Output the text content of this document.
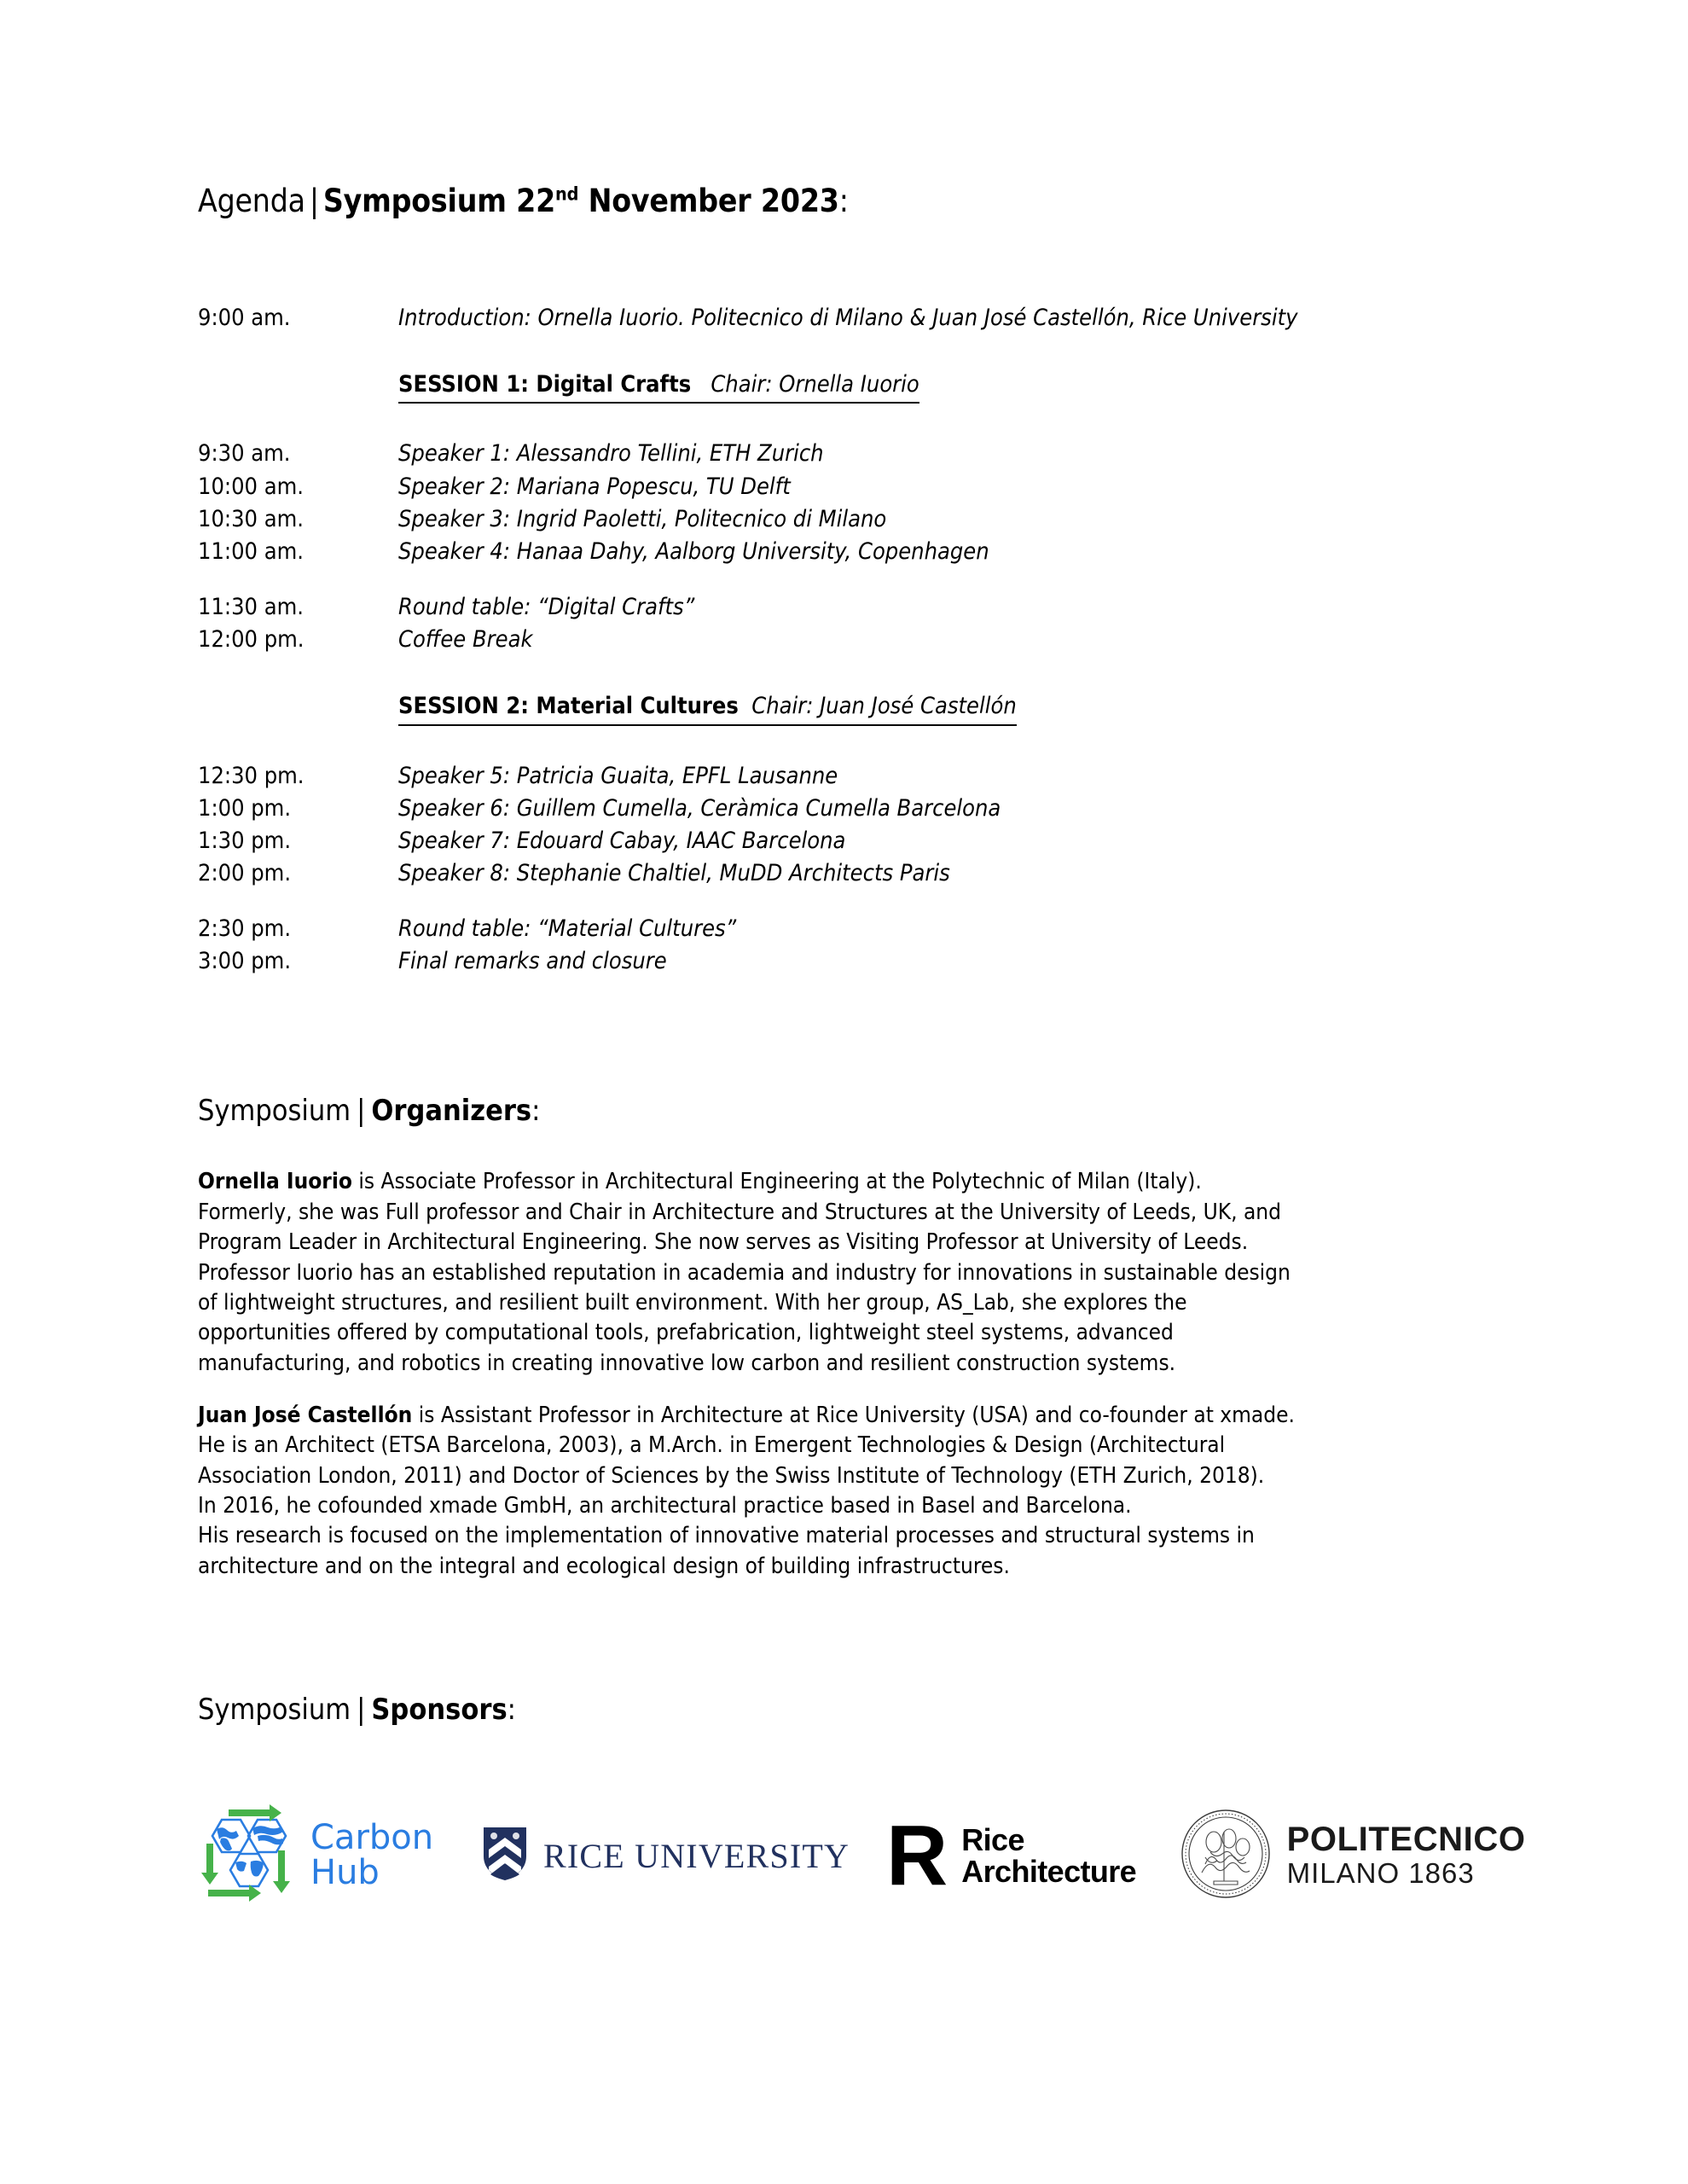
Agenda | Symposium 22nd November 2023:
9:00 am.	Introduction: Ornella Iuorio. Politecnico di Milano & Juan José Castellón, Rice University
SESSION 1: Digital Crafts Chair: Ornella Iuorio
9:30 am.	Speaker 1: Alessandro Tellini, ETH Zurich
10:00 am.	Speaker 2: Mariana Popescu, TU Delft
10:30 am.	Speaker 3: Ingrid Paoletti, Politecnico di Milano
11:00 am.	Speaker 4: Hanaa Dahy, Aalborg University, Copenhagen
11:30 am.	Round table: “Digital Crafts”
12:00 pm.	Coffee Break
SESSION 2: Material Cultures Chair: Juan José Castellón
12:30 pm.	Speaker 5: Patricia Guaita, EPFL Lausanne
1:00 pm.	Speaker 6: Guillem Cumella, Ceràmica Cumella Barcelona
1:30 pm.	Speaker 7: Edouard Cabay, IAAC Barcelona
2:00 pm.	Speaker 8: Stephanie Chaltiel, MuDD Architects Paris
2:30 pm.	Round table: “Material Cultures”
3:00 pm.	Final remarks and closure
Symposium | Organizers:

Ornella Iuorio is Associate Professor in Architectural Engineering at the Polytechnic of Milan (Italy).
Formerly, she was Full professor and Chair in Architecture and Structures at the University of Leeds, UK, and
Program Leader in Architectural Engineering. She now serves as Visiting Professor at University of Leeds.
Professor Iuorio has an established reputation in academia and industry for innovations in sustainable design
of lightweight structures, and resilient built environment. With her group, AS_Lab, she explores the
opportunities offered by computational tools, prefabrication, lightweight steel systems, advanced
manufacturing, and robotics in creating innovative low carbon and resilient construction systems.

Juan José Castellón is Assistant Professor in Architecture at Rice University (USA) and co-founder at xmade.
He is an Architect (ETSA Barcelona, 2003), a M.Arch. in Emergent Technologies & Design (Architectural
Association London, 2011) and Doctor of Sciences by the Swiss Institute of Technology (ETH Zurich, 2018).
In 2016, he cofounded xmade GmbH, an architectural practice based in Basel and Barcelona.
His research is focused on the implementation of innovative material processes and structural systems in
architecture and on the integral and ecological design of building infrastructures.

Symposium | Sponsors:
Carbon
Hub	RICE UNIVERSITY R Rice
Architecture
POLITECNICO
MILANO 1863
